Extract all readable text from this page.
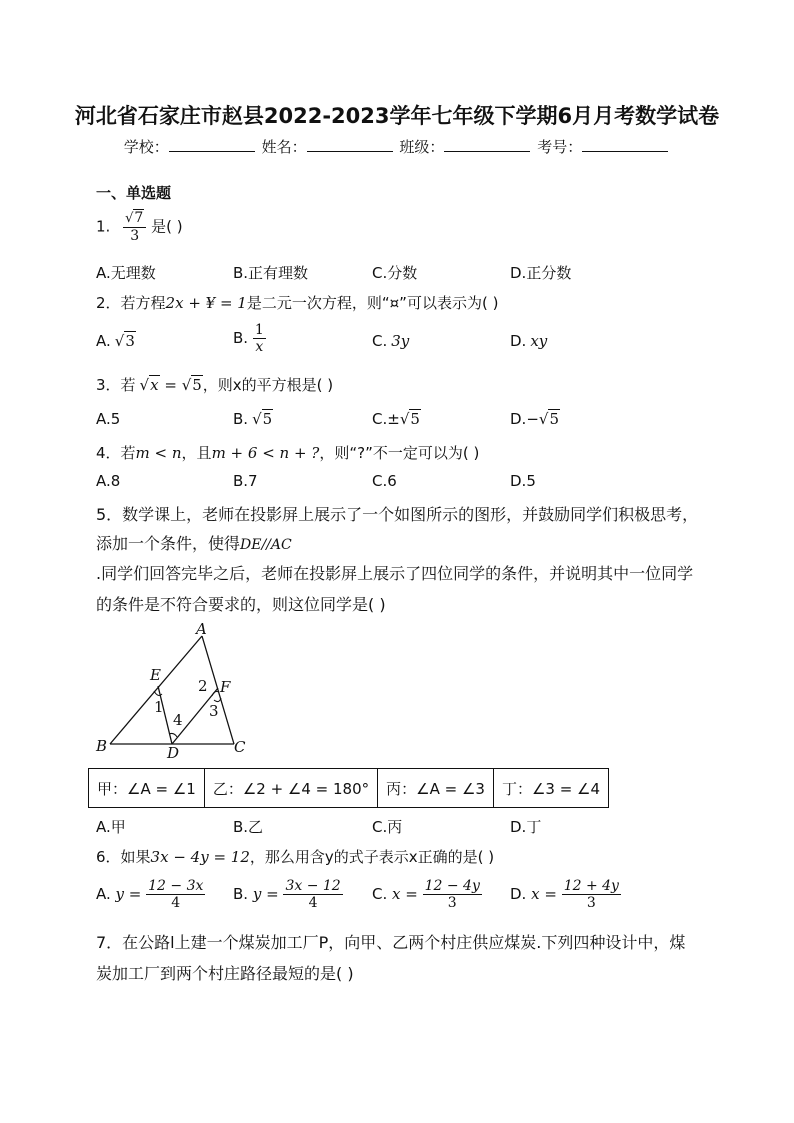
河北省石家庄市赵县2022-2023学年七年级下学期6月月考数学试卷
学校：	姓名：	班级：	考号：
一、单选题
1. $\frac{√7}{3}$ 是( )
A.无理数	B.正有理数	C.分数	D.正分数
2．若方程2x + ¥ = 1是二元一次方程，则“¤”可以表示为( )
A. √3	B. $\frac{1}{x}$	C. 3y	D. xy
3．若 √x = √5，则x的平方根是( )
A.5	B. √5	C.±√5	D.−√5
4．若m < n，且m + 6 < n + ?，则“?”不一定可以为( )
A.8	B.7	C.6	D.5
5．数学课上，老师在投影屏上展示了一个如图所示的图形，并鼓励同学们积极思考，
添加一个条件，使得DE//AC
.同学们回答完毕之后，老师在投影屏上展示了四位同学的条件，并说明其中一位同学
的条件是不符合要求的，则这位同学是( )
A
B	C
D
E
F
1
2
3
4
甲：∠A = ∠1	乙：∠2 + ∠4 = 180°	丙：∠A = ∠3	丁：∠3 = ∠4
A.甲	B.乙	C.丙	D.丁
6．如果3x − 4y = 12，那么用含y的式子表示x正确的是( )
A. $y = \frac{12 - 3x}{4} B$. $y = \frac{3x - 12}{4} C$. $x = \frac{12 - 4y}{3} D$. $x = \frac{12 + 4y}{3}$
7．在公路l上建一个煤炭加工厂P，向甲、乙两个村庄供应煤炭.下列四种设计中，煤
炭加工厂到两个村庄路径最短的是( )
